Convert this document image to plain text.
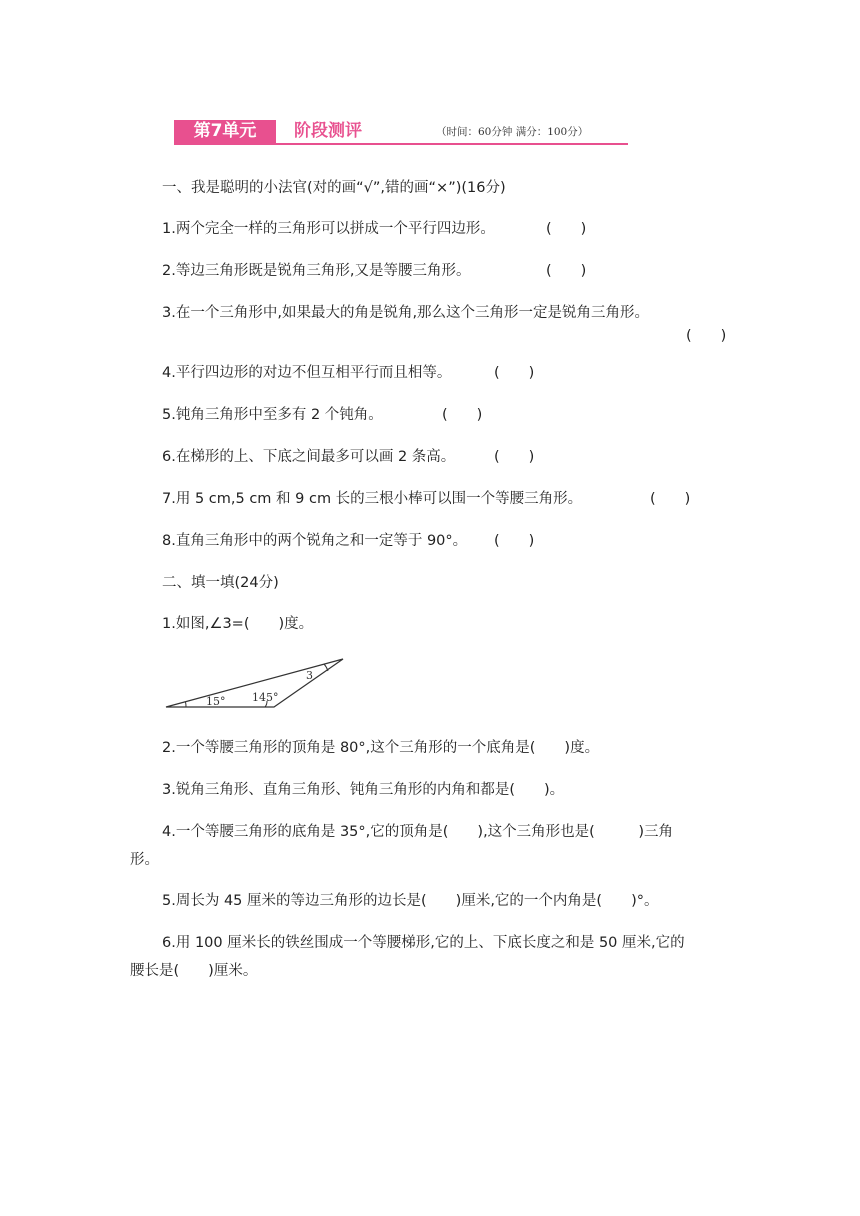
第7单元	阶段测评	（时间：60分钟 满分：100分）
一、我是聪明的小法官(对的画“√”,错的画“×”)(16分)
1.两个完全一样的三角形可以拼成一个平行四边形。	(　　)
2.等边三角形既是锐角三角形,又是等腰三角形。	(　　)
3.在一个三角形中,如果最大的角是锐角,那么这个三角形一定是锐角三角形。
(　　)
4.平行四边形的对边不但互相平行而且相等。	(　　)
5.钝角三角形中至多有 2 个钝角。	(　　)
6.在梯形的上、下底之间最多可以画 2 条高。	(　　)
7.用 5 cm,5 cm 和 9 cm 长的三根小棒可以围一个等腰三角形。	(　　)
8.直角三角形中的两个锐角之和一定等于 90°。 (　　)
二、填一填(24分)
1.如图,∠3=(　　)度。
15° 145°
3
2.一个等腰三角形的顶角是 80°,这个三角形的一个底角是(　　)度。
3.锐角三角形、直角三角形、钝角三角形的内角和都是(　　)。
4.一个等腰三角形的底角是 35°,它的顶角是(　　),这个三角形也是(　　　)三角
形。
5.周长为 45 厘米的等边三角形的边长是(　　)厘米,它的一个内角是(　　)°。
6.用 100 厘米长的铁丝围成一个等腰梯形,它的上、下底长度之和是 50 厘米,它的
腰长是(　　)厘米。
